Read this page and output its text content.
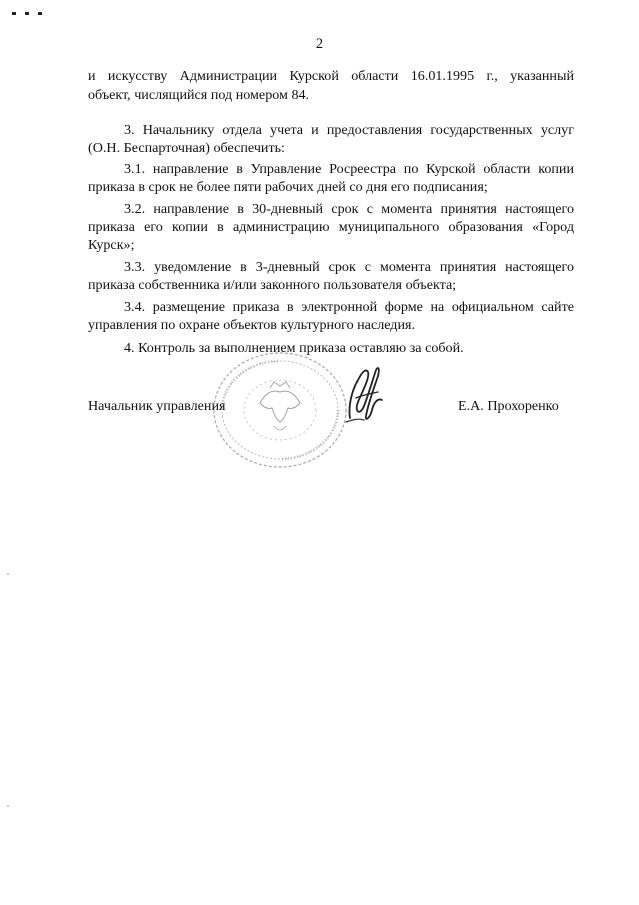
2
и искусству Администрации Курской области 16.01.1995 г., указанный
объект, числящийся под номером 84.
3. Начальнику отдела учета и предоставления государственных услуг
(О.Н. Беспарточная) обеспечить:
3.1. направление в Управление Росреестра по Курской области копии
приказа в срок не более пяти рабочих дней со дня его подписания;
3.2. направление в 30-дневный срок с момента принятия настоящего
приказа его копии в администрацию муниципального образования «Город
Курск»;
3.3. уведомление в 3-дневный срок с момента принятия настоящего
приказа собственника и/или законного пользователя объекта;
3.4. размещение приказа в электронной форме на официальном сайте
управления по охране объектов культурного наследия.
4. Контроль за выполнением приказа оставляю за собой.
Начальник управления	Е.А. Прохоренко
